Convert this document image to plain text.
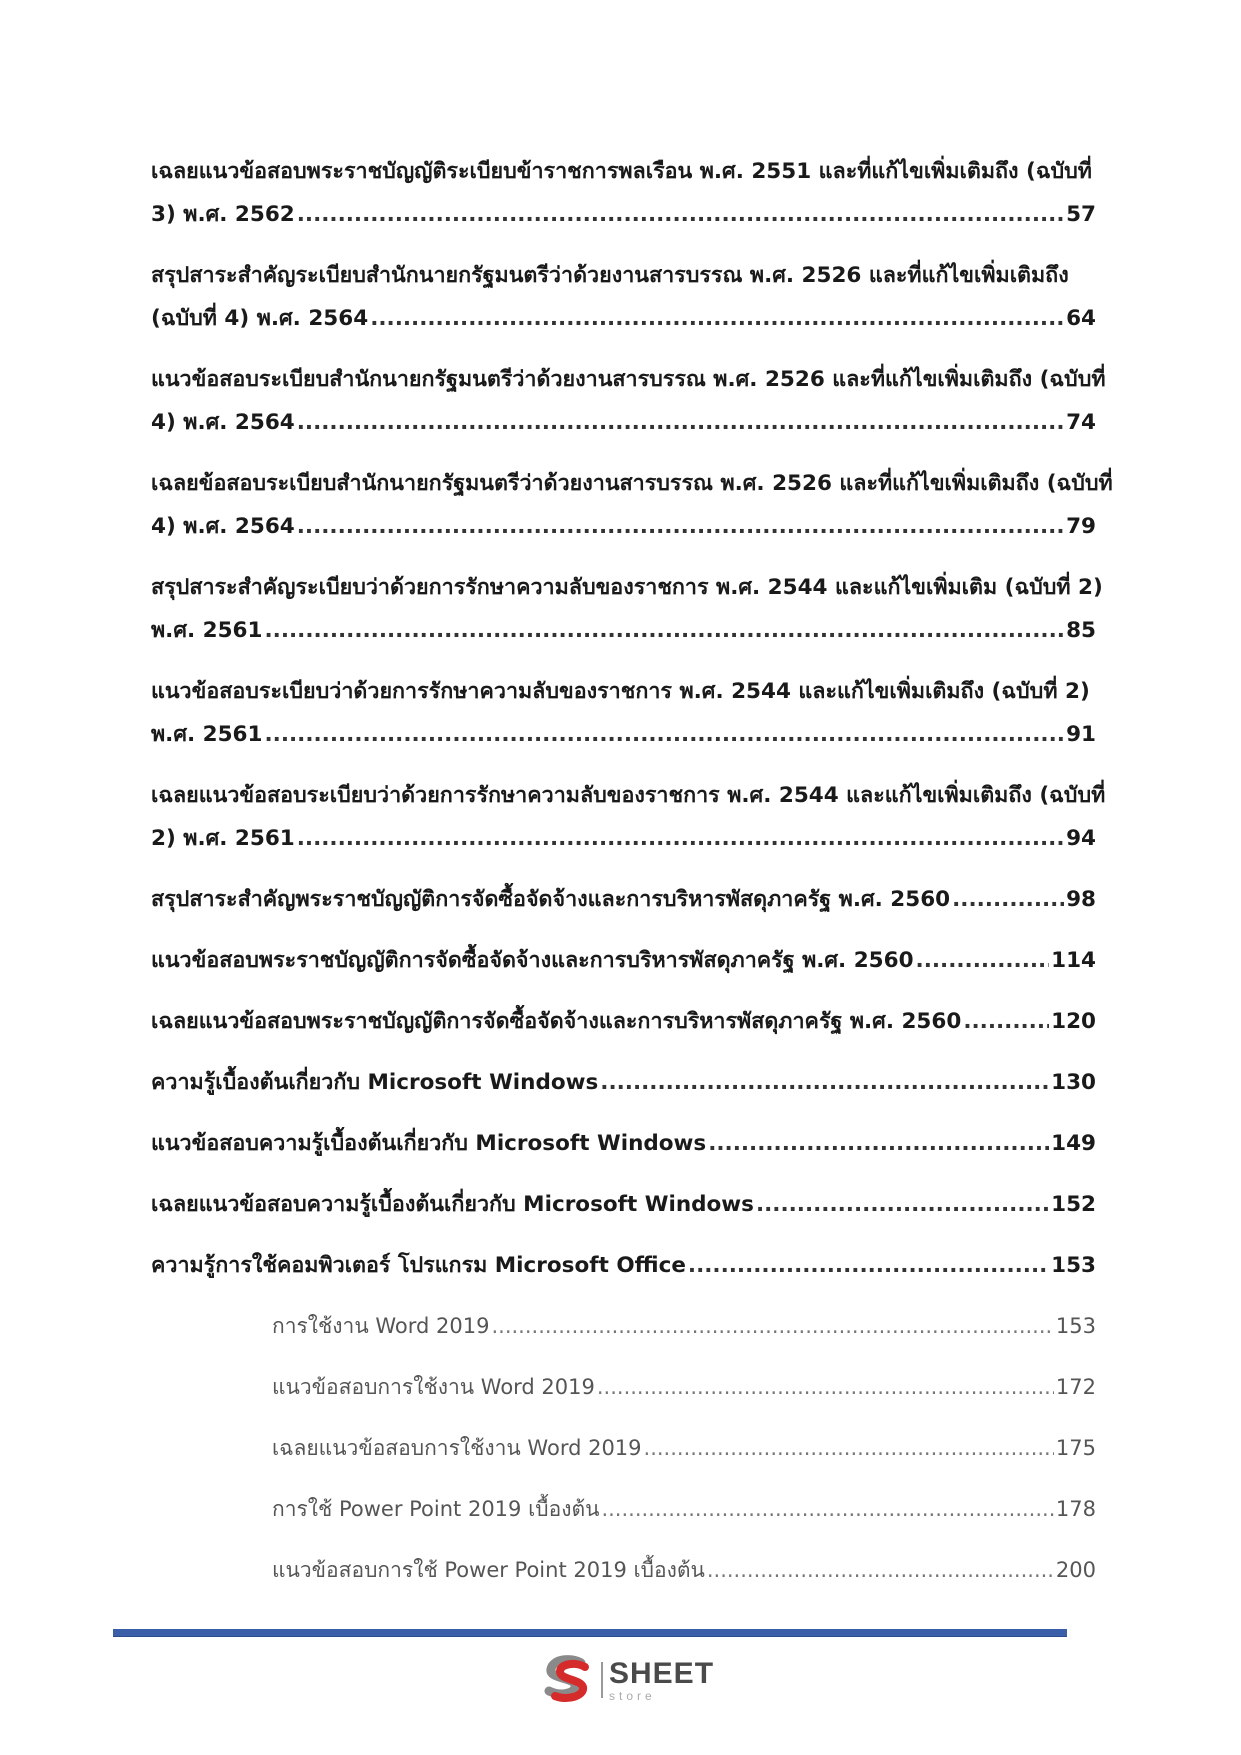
เฉลยแนวข้อสอบพระราชบัญญัติระเบียบข้าราชการพลเรือน พ.ศ. 2551 และที่แก้ไขเพิ่มเติมถึง (ฉบับที่
3) พ.ศ. 2562 .....	57
สรุปสาระสำคัญระเบียบสำนักนายกรัฐมนตรีว่าด้วยงานสารบรรณ พ.ศ. 2526 และที่แก้ไขเพิ่มเติมถึง
(ฉบับที่ 4) พ.ศ. 2564 .....	64
แนวข้อสอบระเบียบสำนักนายกรัฐมนตรีว่าด้วยงานสารบรรณ พ.ศ. 2526 และที่แก้ไขเพิ่มเติมถึง (ฉบับที่
4) พ.ศ. 2564 .....	74
เฉลยข้อสอบระเบียบสำนักนายกรัฐมนตรีว่าด้วยงานสารบรรณ พ.ศ. 2526 และที่แก้ไขเพิ่มเติมถึง (ฉบับที่
4) พ.ศ. 2564 .....	79
สรุปสาระสำคัญระเบียบว่าด้วยการรักษาความลับของราชการ พ.ศ. 2544 และแก้ไขเพิ่มเติม (ฉบับที่ 2)
พ.ศ. 2561 .....	85
แนวข้อสอบระเบียบว่าด้วยการรักษาความลับของราชการ พ.ศ. 2544 และแก้ไขเพิ่มเติมถึง (ฉบับที่ 2)
พ.ศ. 2561 .....	91
เฉลยแนวข้อสอบระเบียบว่าด้วยการรักษาความลับของราชการ พ.ศ. 2544 และแก้ไขเพิ่มเติมถึง (ฉบับที่
2) พ.ศ. 2561 .....	94
สรุปสาระสำคัญพระราชบัญญัติการจัดซื้อจัดจ้างและการบริหารพัสดุภาครัฐ พ.ศ. 2560 .....	98
แนวข้อสอบพระราชบัญญัติการจัดซื้อจัดจ้างและการบริหารพัสดุภาครัฐ พ.ศ. 2560 .....	114
เฉลยแนวข้อสอบพระราชบัญญัติการจัดซื้อจัดจ้างและการบริหารพัสดุภาครัฐ พ.ศ. 2560 .....	120
ความรู้เบื้องต้นเกี่ยวกับ Microsoft Windows .....	130
แนวข้อสอบความรู้เบื้องต้นเกี่ยวกับ Microsoft Windows .....	149
เฉลยแนวข้อสอบความรู้เบื้องต้นเกี่ยวกับ Microsoft Windows .....	152
ความรู้การใช้คอมพิวเตอร์ โปรแกรม Microsoft Office .....	153
การใช้งาน Word 2019 .....	153
แนวข้อสอบการใช้งาน Word 2019 .....	172
เฉลยแนวข้อสอบการใช้งาน Word 2019 .....	175
การใช้ Power Point 2019 เบื้องต้น .....	178
แนวข้อสอบการใช้ Power Point 2019 เบื้องต้น .....	200
SHEET
store
